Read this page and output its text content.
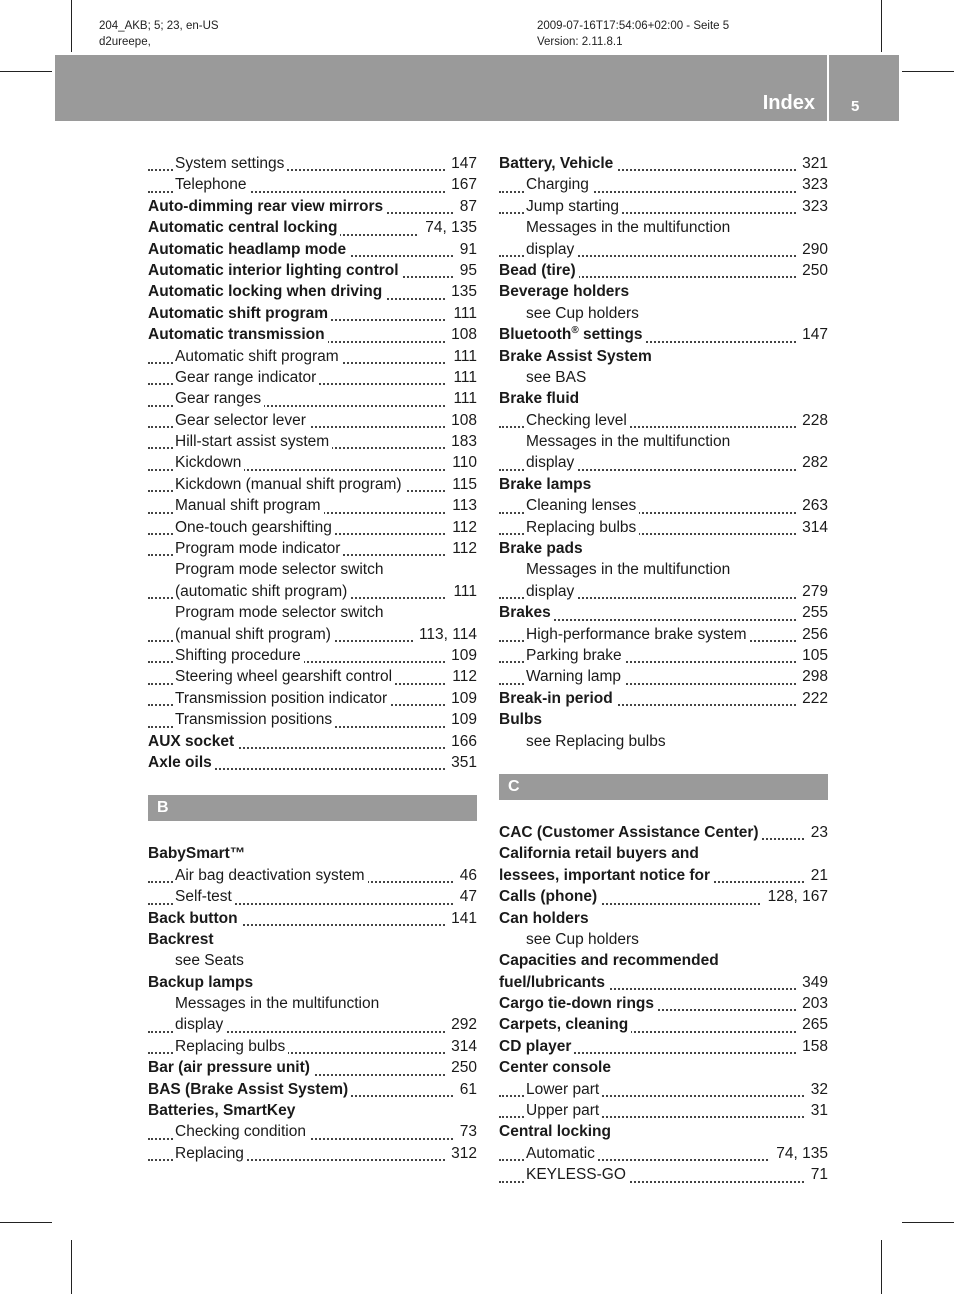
204_AKB; 5; 23, en-US
d2ureepe,
2009-07-16T17:54:06+02:00 - Seite 5
Version: 2.11.8.1
Index 5
System settings	147
Telephone	167
Auto-dimming rear view mirrors	87
Automatic central locking	74, 135
Automatic headlamp mode	91
Automatic interior lighting control	95
Automatic locking when driving	135
Automatic shift program	111
Automatic transmission	108
Automatic shift program	111
Gear range indicator	111
Gear ranges	111
Gear selector lever	108
Hill-start assist system	183
Kickdown	110
Kickdown (manual shift program)	115
Manual shift program	113
One-touch gearshifting	112
Program mode indicator	112
Program mode selector switch
(automatic shift program)	111
Program mode selector switch
(manual shift program)	113, 114
Shifting procedure	109
Steering wheel gearshift control	112
Transmission position indicator	109
Transmission positions	109
AUX socket	166
Axle oils	351
B
BabySmart™
Air bag deactivation system	46
Self-test	47
Back button	141
Backrest
see Seats
Backup lamps
Messages in the multifunction
display	292
Replacing bulbs	314
Bar (air pressure unit)	250
BAS (Brake Assist System)	61
Batteries, SmartKey
Checking condition	73
Replacing	312
Battery, Vehicle	321
Charging	323
Jump starting	323
Messages in the multifunction
display	290
Bead (tire)	250
Beverage holders
see Cup holders
Bluetooth® settings	147
Brake Assist System
see BAS
Brake fluid
Checking level	228
Messages in the multifunction
display	282
Brake lamps
Cleaning lenses	263
Replacing bulbs	314
Brake pads
Messages in the multifunction
display	279
Brakes	255
High-performance brake system	256
Parking brake	105
Warning lamp	298
Break-in period	222
Bulbs
see Replacing bulbs
C
CAC (Customer Assistance Center)	23
California retail buyers and
lessees, important notice for	21
Calls (phone)	128, 167
Can holders
see Cup holders
Capacities and recommended
fuel/lubricants	349
Cargo tie-down rings	203
Carpets, cleaning	265
CD player	158
Center console
Lower part	32
Upper part	31
Central locking
Automatic	74, 135
KEYLESS-GO	71
